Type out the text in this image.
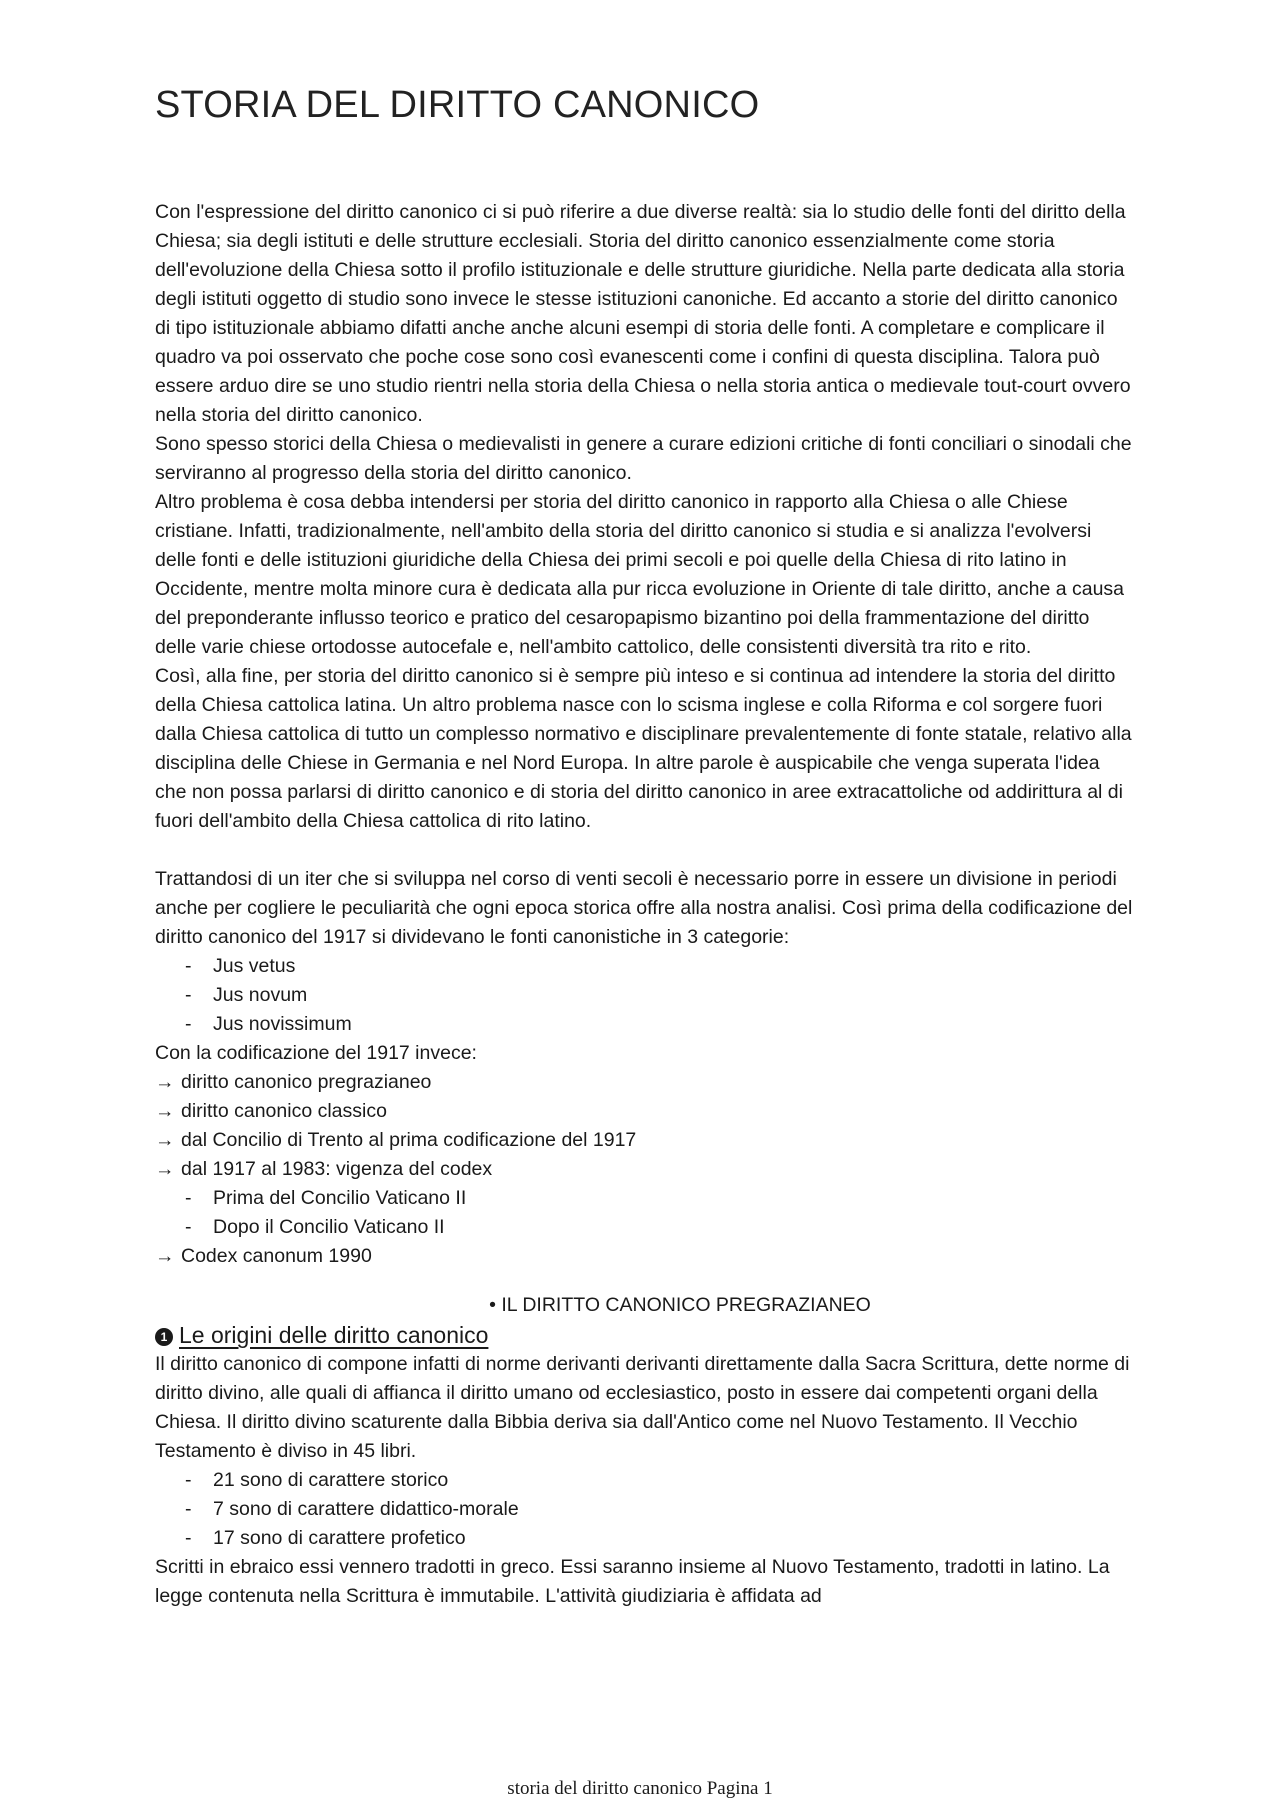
STORIA DEL DIRITTO CANONICO

Con l'espressione del diritto canonico ci si può riferire a due diverse realtà: sia lo studio delle fonti del diritto della Chiesa; sia degli istituti e delle strutture ecclesiali. Storia del diritto canonico essenzialmente come storia dell'evoluzione della Chiesa sotto il profilo istituzionale e delle strutture giuridiche. Nella parte dedicata alla storia degli istituti oggetto di studio sono invece le stesse istituzioni canoniche. Ed accanto a storie del diritto canonico di tipo istituzionale abbiamo difatti anche anche alcuni esempi di storia delle fonti. A completare e complicare il quadro va poi osservato che poche cose sono così evanescenti come i confini di questa disciplina. Talora può essere arduo dire se uno studio rientri nella storia della Chiesa o nella storia antica o medievale tout-court ovvero nella storia del diritto canonico.

Sono spesso storici della Chiesa o medievalisti in genere a curare edizioni critiche di fonti conciliari o sinodali che serviranno al progresso della storia del diritto canonico.

Altro problema è cosa debba intendersi per storia del diritto canonico in rapporto alla Chiesa o alle Chiese cristiane. Infatti, tradizionalmente, nell'ambito della storia del diritto canonico si studia e si analizza l'evolversi delle fonti e delle istituzioni giuridiche della Chiesa dei primi secoli e poi quelle della Chiesa di rito latino in Occidente, mentre molta minore cura è dedicata alla pur ricca evoluzione in Oriente di tale diritto, anche a causa del preponderante influsso teorico e pratico del cesaropapismo bizantino poi della frammentazione del diritto delle varie chiese ortodosse autocefale e, nell'ambito cattolico, delle consistenti diversità tra rito e rito.

Così, alla fine, per storia del diritto canonico si è sempre più inteso e si continua ad intendere la storia del diritto della Chiesa cattolica latina. Un altro problema nasce con lo scisma inglese e colla Riforma e col sorgere fuori dalla Chiesa cattolica di tutto un complesso normativo e disciplinare prevalentemente di fonte statale, relativo alla disciplina delle Chiese in Germania e nel Nord Europa. In altre parole è auspicabile che venga superata l'idea che non possa parlarsi di diritto canonico e di storia del diritto canonico in aree extracattoliche od addirittura al di fuori dell'ambito della Chiesa cattolica di rito latino.

Trattandosi di un iter che si sviluppa nel corso di venti secoli è necessario porre in essere un divisione in periodi anche per cogliere le peculiarità che ogni epoca storica offre alla nostra analisi. Così prima della codificazione del diritto canonico del 1917 si dividevano le fonti canonistiche in 3 categorie:

- Jus vetus
- Jus novum
- Jus novissimum

Con la codificazione del 1917 invece:

→ diritto canonico pregrazianeo
→ diritto canonico classico
→ dal Concilio di Trento al prima codificazione del 1917
→ dal 1917 al 1983: vigenza del codex
- Prima del Concilio Vaticano II
- Dopo il Concilio Vaticano II
→ Codex canonum 1990
• IL DIRITTO CANONICO PREGRAZIANEO
1 Le origini delle diritto canonico

Il diritto canonico di compone infatti di norme derivanti derivanti direttamente dalla Sacra Scrittura, dette norme di diritto divino, alle quali di affianca il diritto umano od ecclesiastico, posto in essere dai competenti organi della Chiesa. Il diritto divino scaturente dalla Bibbia deriva sia dall'Antico come nel Nuovo Testamento. Il Vecchio Testamento è diviso in 45 libri.

- 21 sono di carattere storico
- 7 sono di carattere didattico-morale
- 17 sono di carattere profetico

Scritti in ebraico essi vennero tradotti in greco. Essi saranno insieme al Nuovo Testamento, tradotti in latino. La legge contenuta nella Scrittura è immutabile. L'attività giudiziaria è affidata ad

storia del diritto canonico Pagina 1
